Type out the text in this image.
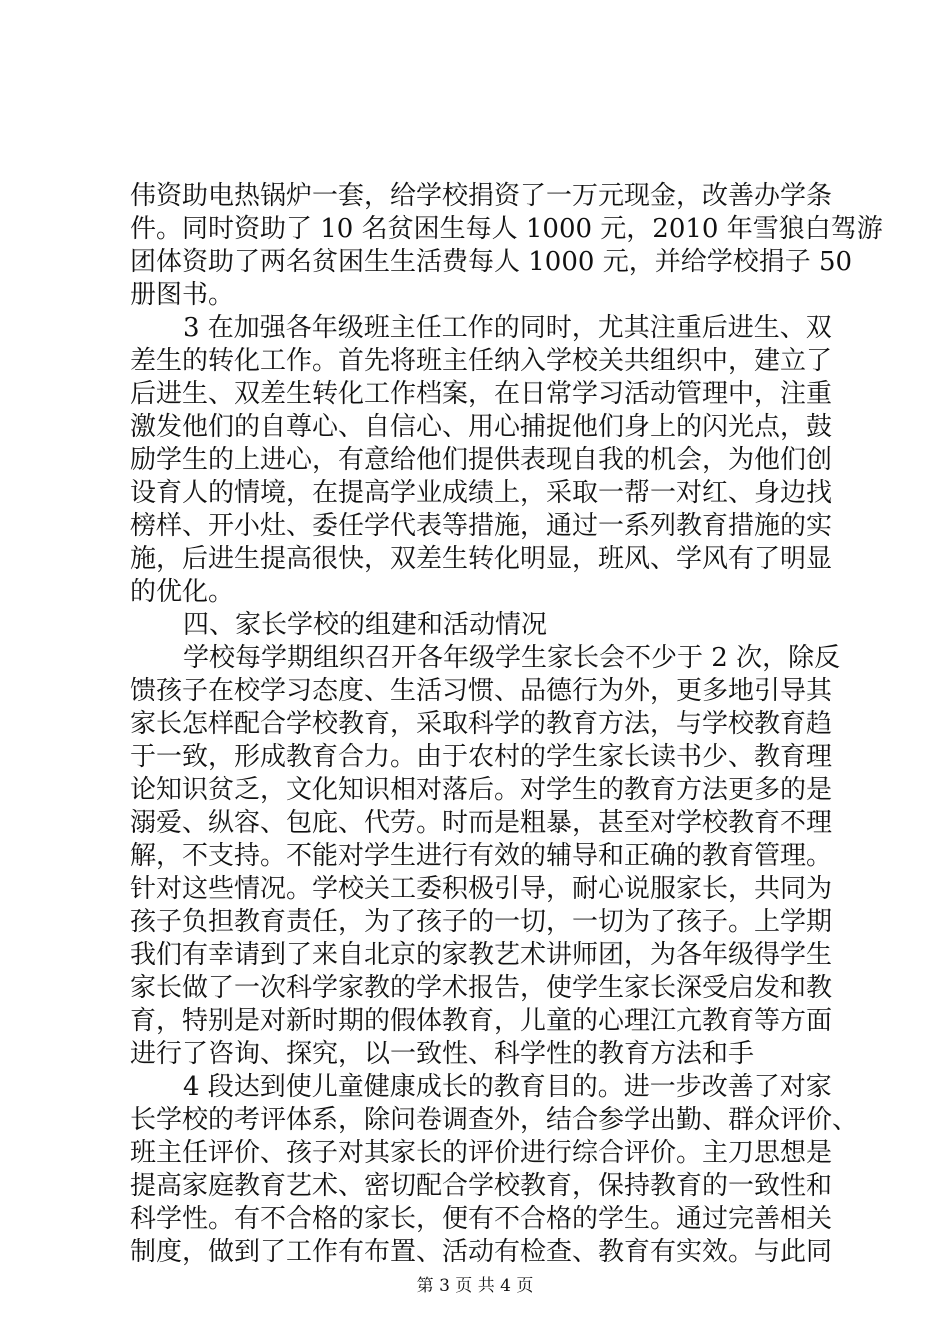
伟资助电热锅炉一套，给学校捐资了一万元现金，改善办学条
件。同时资助了 10 名贫困生每人 1000 元，2010 年雪狼白驾游
团体资助了两名贫困生生活费每人 1000 元，并给学校捐子 50
册图书。
3 在加强各年级班主任工作的同时，尤其注重后进生、双
差生的转化工作。首先将班主任纳入学校关共组织中，建立了
后进生、双差生转化工作档案，在日常学习活动管理中，注重
激发他们的自尊心、自信心、用心捕捉他们身上的闪光点，鼓
励学生的上进心，有意给他们提供表现自我的机会，为他们创
设育人的情境，在提高学业成绩上，采取一帮一对红、身边找
榜样、开小灶、委任学代表等措施，通过一系列教育措施的实
施，后进生提高很快，双差生转化明显，班风、学风有了明显
的优化。
四、家长学校的组建和活动情况
学校每学期组织召开各年级学生家长会不少于 2 次，除反
馈孩子在校学习态度、生活习惯、品德行为外，更多地引导其
家长怎样配合学校教育，采取科学的教育方法，与学校教育趋
于一致，形成教育合力。由于农村的学生家长读书少、教育理
论知识贫乏，文化知识相对落后。对学生的教育方法更多的是
溺爱、纵容、包庇、代劳。时而是粗暴，甚至对学校教育不理
解，不支持。不能对学生进行有效的辅导和正确的教育管理。
针对这些情况。学校关工委积极引导，耐心说服家长，共同为
孩子负担教育责任，为了孩子的一切，一切为了孩子。上学期
我们有幸请到了来自北京的家教艺术讲师团，为各年级得学生
家长做了一次科学家教的学术报告，使学生家长深受启发和教
育，特别是对新时期的假体教育，儿童的心理江亢教育等方面
进行了咨询、探究，以一致性、科学性的教育方法和手
4 段达到使儿童健康成长的教育目的。进一步改善了对家
长学校的考评体系，除问卷调查外，结合参学出勤、群众评价、
班主任评价、孩子对其家长的评价进行综合评价。主刀思想是
提高家庭教育艺术、密切配合学校教育，保持教育的一致性和
科学性。有不合格的家长，便有不合格的学生。通过完善相关
制度，做到了工作有布置、活动有检查、教育有实效。与此同
第 3 页 共 4 页
